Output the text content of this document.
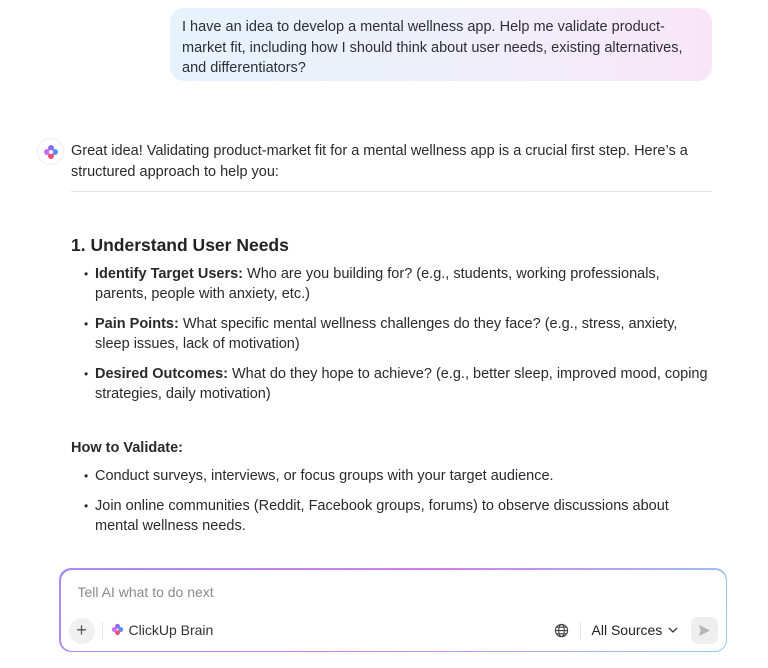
I have an idea to develop a mental wellness app. Help me validate product-market fit, including how I should think about user needs, existing alternatives, and differentiators?

Great idea! Validating product-market fit for a mental wellness app is a crucial first step. Here’s a structured approach to help you:

1. Understand User Needs
• Identify Target Users: Who are you building for? (e.g., students, working professionals, parents, people with anxiety, etc.)
• Pain Points: What specific mental wellness challenges do they face? (e.g., stress, anxiety, sleep issues, lack of motivation)
• Desired Outcomes: What do they hope to achieve? (e.g., better sleep, improved mood, coping strategies, daily motivation)
How to Validate:
• Conduct surveys, interviews, or focus groups with your target audience.
• Join online communities (Reddit, Facebook groups, forums) to observe discussions about mental wellness needs.
Tell AI what to do next
+	ClickUp Brain	All Sources
